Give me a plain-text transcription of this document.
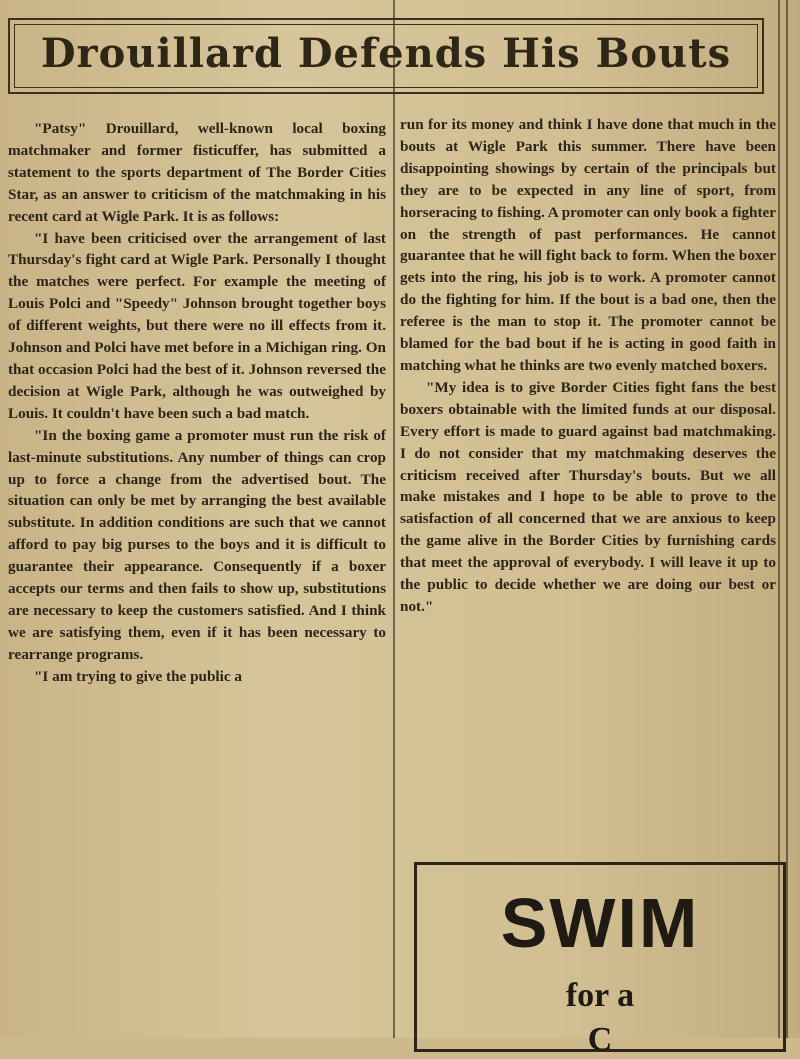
Drouillard Defends His Bouts

"Patsy" Drouillard, well-known local boxing matchmaker and former fisticuffer, has submitted a statement to the sports department of The Border Cities Star, as an answer to criticism of the matchmaking in his recent card at Wigle Park. It is as follows:

"I have been criticised over the arrangement of last Thursday's fight card at Wigle Park. Personally I thought the matches were perfect. For example the meeting of Louis Polci and "Speedy" Johnson brought together boys of different weights, but there were no ill effects from it. Johnson and Polci have met before in a Michigan ring. On that occasion Polci had the best of it. Johnson reversed the decision at Wigle Park, although he was outweighed by Louis. It couldn't have been such a bad match.

"In the boxing game a promoter must run the risk of last-minute substitutions. Any number of things can crop up to force a change from the advertised bout. The situation can only be met by arranging the best available substitute. In addition conditions are such that we cannot afford to pay big purses to the boys and it is difficult to guarantee their appearance. Consequently if a boxer accepts our terms and then fails to show up, substitutions are necessary to keep the customers satisfied. And I think we are satisfying them, even if it has been necessary to rearrange programs.

"I am trying to give the public a

run for its money and think I have done that much in the bouts at Wigle Park this summer. There have been disappointing showings by certain of the principals but they are to be expected in any line of sport, from horseracing to fishing. A promoter can only book a fighter on the strength of past performances. He cannot guarantee that he will fight back to form. When the boxer gets into the ring, his job is to work. A promoter cannot do the fighting for him. If the bout is a bad one, then the referee is the man to stop it. The promoter cannot be blamed for the bad bout if he is acting in good faith in matching what he thinks are two evenly matched boxers.

"My idea is to give Border Cities fight fans the best boxers obtainable with the limited funds at our disposal. Every effort is made to guard against bad matchmaking. I do not consider that my matchmaking deserves the criticism received after Thursday's bouts. But we all make mistakes and I hope to be able to prove to the satisfaction of all concerned that we are anxious to keep the game alive in the Border Cities by furnishing cards that meet the approval of everybody. I will leave it up to the public to decide whether we are doing our best or not."

SWIM
for a
C
